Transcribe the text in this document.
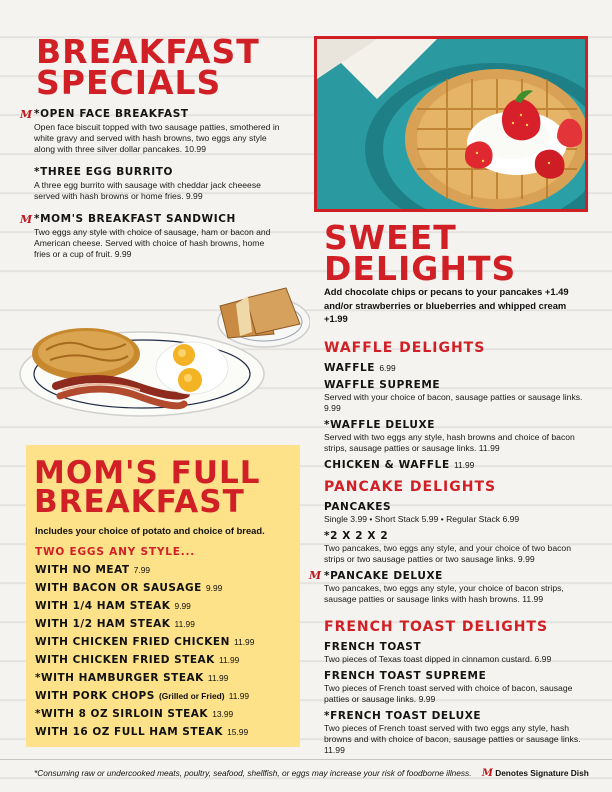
BREAKFAST
SPECIALS
M *OPEN FACE BREAKFAST
Open face biscuit topped with two sausage patties, smothered in white gravy and served with hash browns, two eggs any style along with three silver dollar pancakes. 10.99
*THREE EGG BURRITO
A three egg burrito with sausage with cheddar jack cheeese served with hash browns or home fries. 9.99
M *MOM'S BREAKFAST SANDWICH
Two eggs any style with choice of sausage, ham or bacon and American cheese. Served with choice of hash browns, home fries or a cup of fruit. 9.99
MOM'S FULL
BREAKFAST
Includes your choice of potato and choice of bread.
TWO EGGS ANY STYLE...
WITH NO MEAT 7.99
WITH BACON OR SAUSAGE 9.99
WITH 1/4 HAM STEAK 9.99
WITH 1/2 HAM STEAK 11.99
WITH CHICKEN FRIED CHICKEN 11.99
WITH CHICKEN FRIED STEAK 11.99
*WITH HAMBURGER STEAK 11.99
WITH PORK CHOPS (Grilled or Fried) 11.99
*WITH 8 OZ SIRLOIN STEAK 13.99
WITH 16 OZ FULL HAM STEAK 15.99
SWEET
DELIGHTS
Add chocolate chips or pecans to your pancakes +1.49 and/or strawberries or blueberries and whipped cream +1.99
WAFFLE DELIGHTS
WAFFLE 6.99
WAFFLE SUPREME
Served with your choice of bacon, sausage patties or sausage links. 9.99
*WAFFLE DELUXE
Served with two eggs any style, hash browns and choice of bacon strips, sausage patties or sausage links. 11.99
CHICKEN & WAFFLE 11.99
PANCAKE DELIGHTS
PANCAKES
Single 3.99 • Short Stack 5.99 • Regular Stack 6.99
*2 X 2 X 2
Two pancakes, two eggs any style, and your choice of two bacon strips or two sausage patties or two sausage links. 9.99
M *PANCAKE DELUXE
Two pancakes, two eggs any style, your choice of bacon strips, sausage patties or sausage links with hash browns. 11.99
FRENCH TOAST DELIGHTS
FRENCH TOAST
Two pieces of Texas toast dipped in cinnamon custard. 6.99
FRENCH TOAST SUPREME
Two pieces of French toast served with choice of bacon, sausage patties or sausage links. 9.99
*FRENCH TOAST DELUXE
Two pieces of French toast served with two eggs any style, hash browns and with choice of bacon, sausage patties or sausage links. 11.99
*Consuming raw or undercooked meats, poultry, seafood, shellfish, or eggs may increase your risk of foodborne illness. M Denotes Signature Dish
